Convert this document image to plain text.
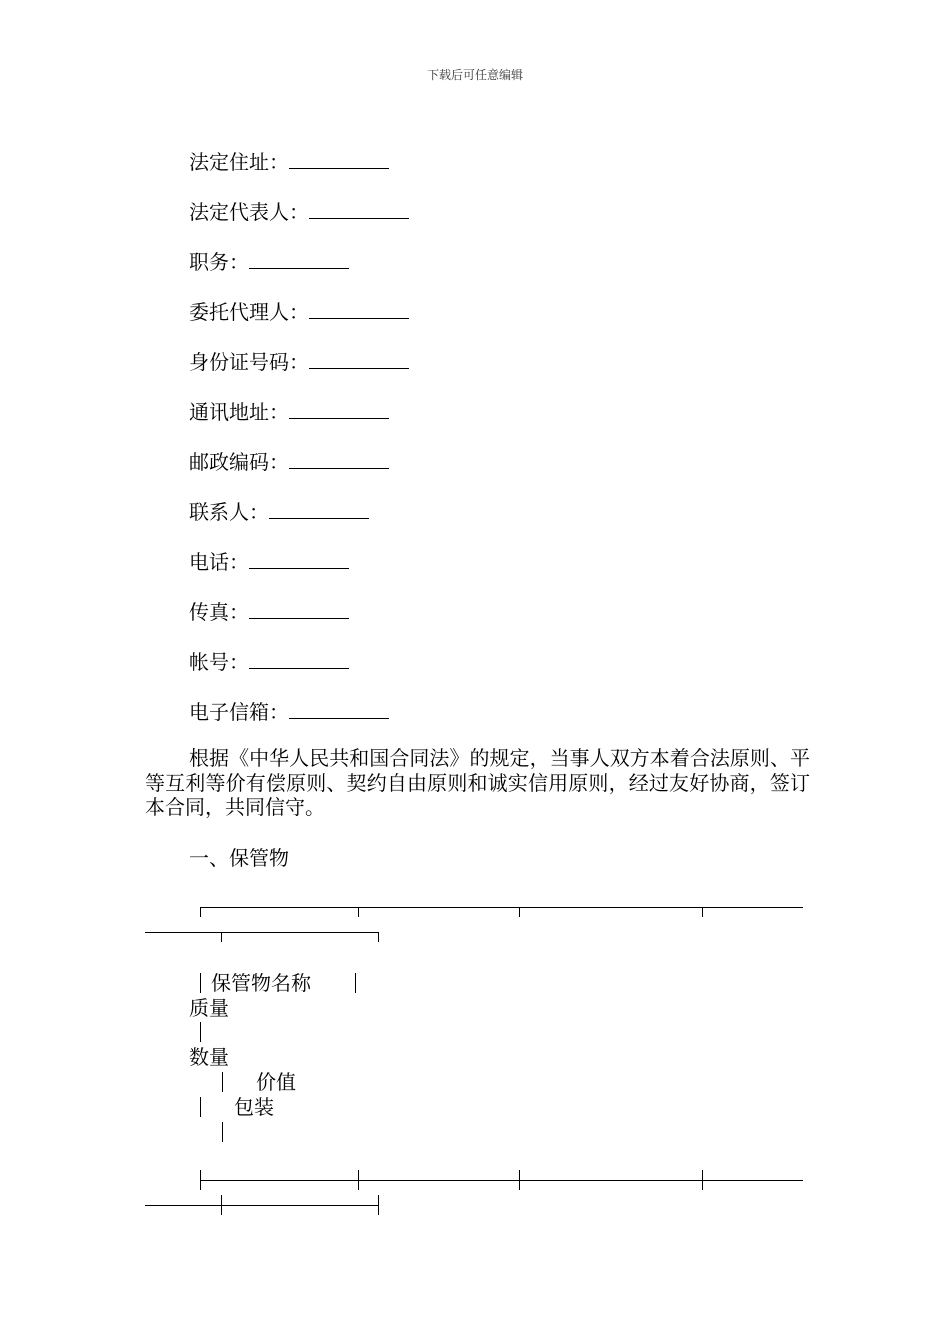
下载后可任意编辑
法定住址：
法定代表人：
职务：
委托代理人：
身份证号码：
通讯地址：
邮政编码：
联系人：
电话：
传真：
帐号：
电子信箱：
根据《中华人民共和国合同法》的规定，当事人双方本着合法原则、平等互利等价有偿原则、契约自由原则和诚实信用原则，经过友好协商，签订本合同，共同信守。
一、保管物
保管物名称
质量
数量
价值
包装
